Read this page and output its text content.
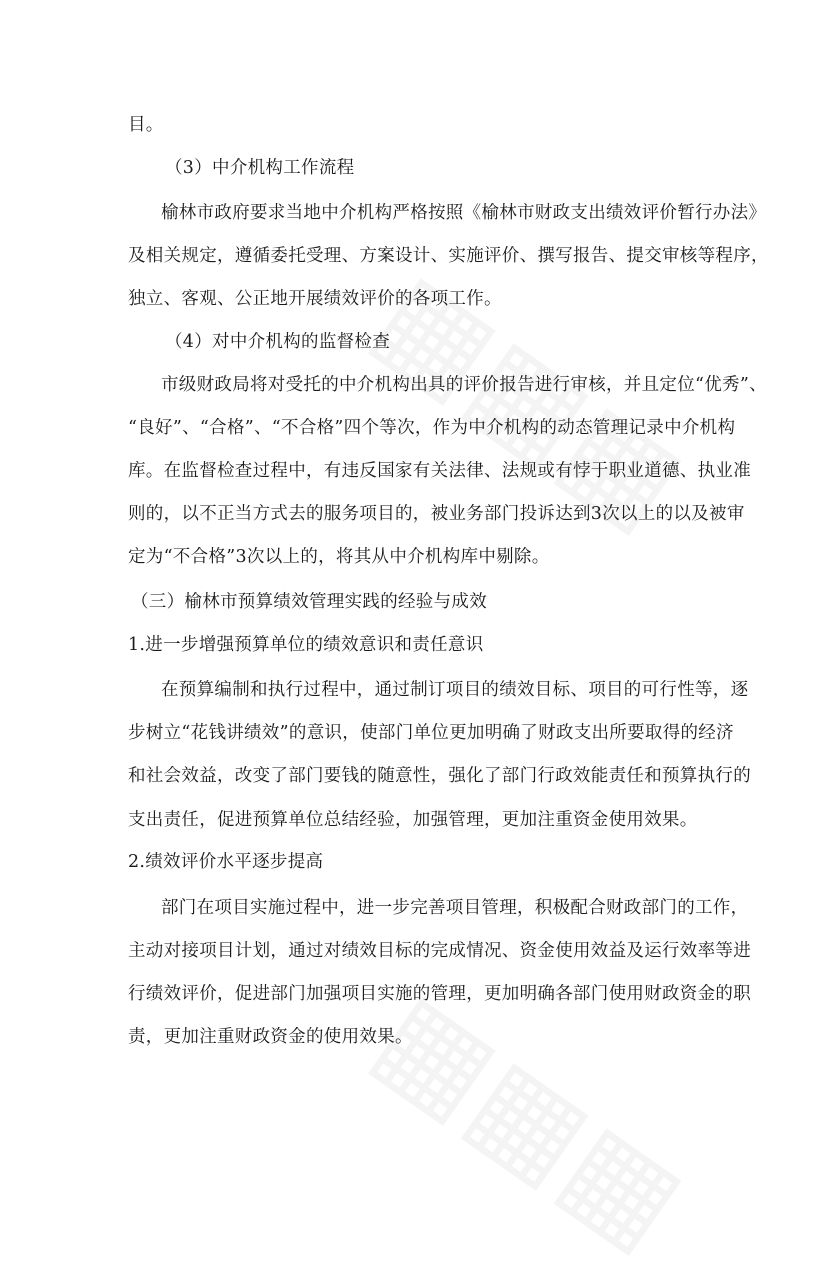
目。
（3）中介机构工作流程
榆林市政府要求当地中介机构严格按照《榆林市财政支出绩效评价暂行办法》
及相关规定，遵循委托受理、方案设计、实施评价、撰写报告、提交审核等程序，
独立、客观、公正地开展绩效评价的各项工作。
（4）对中介机构的监督检查
市级财政局将对受托的中介机构出具的评价报告进行审核，并且定位“优秀”、
“良好”、“合格”、“不合格”四个等次，作为中介机构的动态管理记录中介机构
库。在监督检查过程中，有违反国家有关法律、法规或有悖于职业道德、执业准
则的，以不正当方式去的服务项目的，被业务部门投诉达到3次以上的以及被审
定为“不合格”3次以上的，将其从中介机构库中剔除。
（三）榆林市预算绩效管理实践的经验与成效
1.进一步增强预算单位的绩效意识和责任意识
在预算编制和执行过程中，通过制订项目的绩效目标、项目的可行性等，逐
步树立“花钱讲绩效”的意识，使部门单位更加明确了财政支出所要取得的经济
和社会效益，改变了部门要钱的随意性，强化了部门行政效能责任和预算执行的
支出责任，促进预算单位总结经验，加强管理，更加注重资金使用效果。
2.绩效评价水平逐步提高
部门在项目实施过程中，进一步完善项目管理，积极配合财政部门的工作，
主动对接项目计划，通过对绩效目标的完成情况、资金使用效益及运行效率等进
行绩效评价，促进部门加强项目实施的管理，更加明确各部门使用财政资金的职
责，更加注重财政资金的使用效果。
